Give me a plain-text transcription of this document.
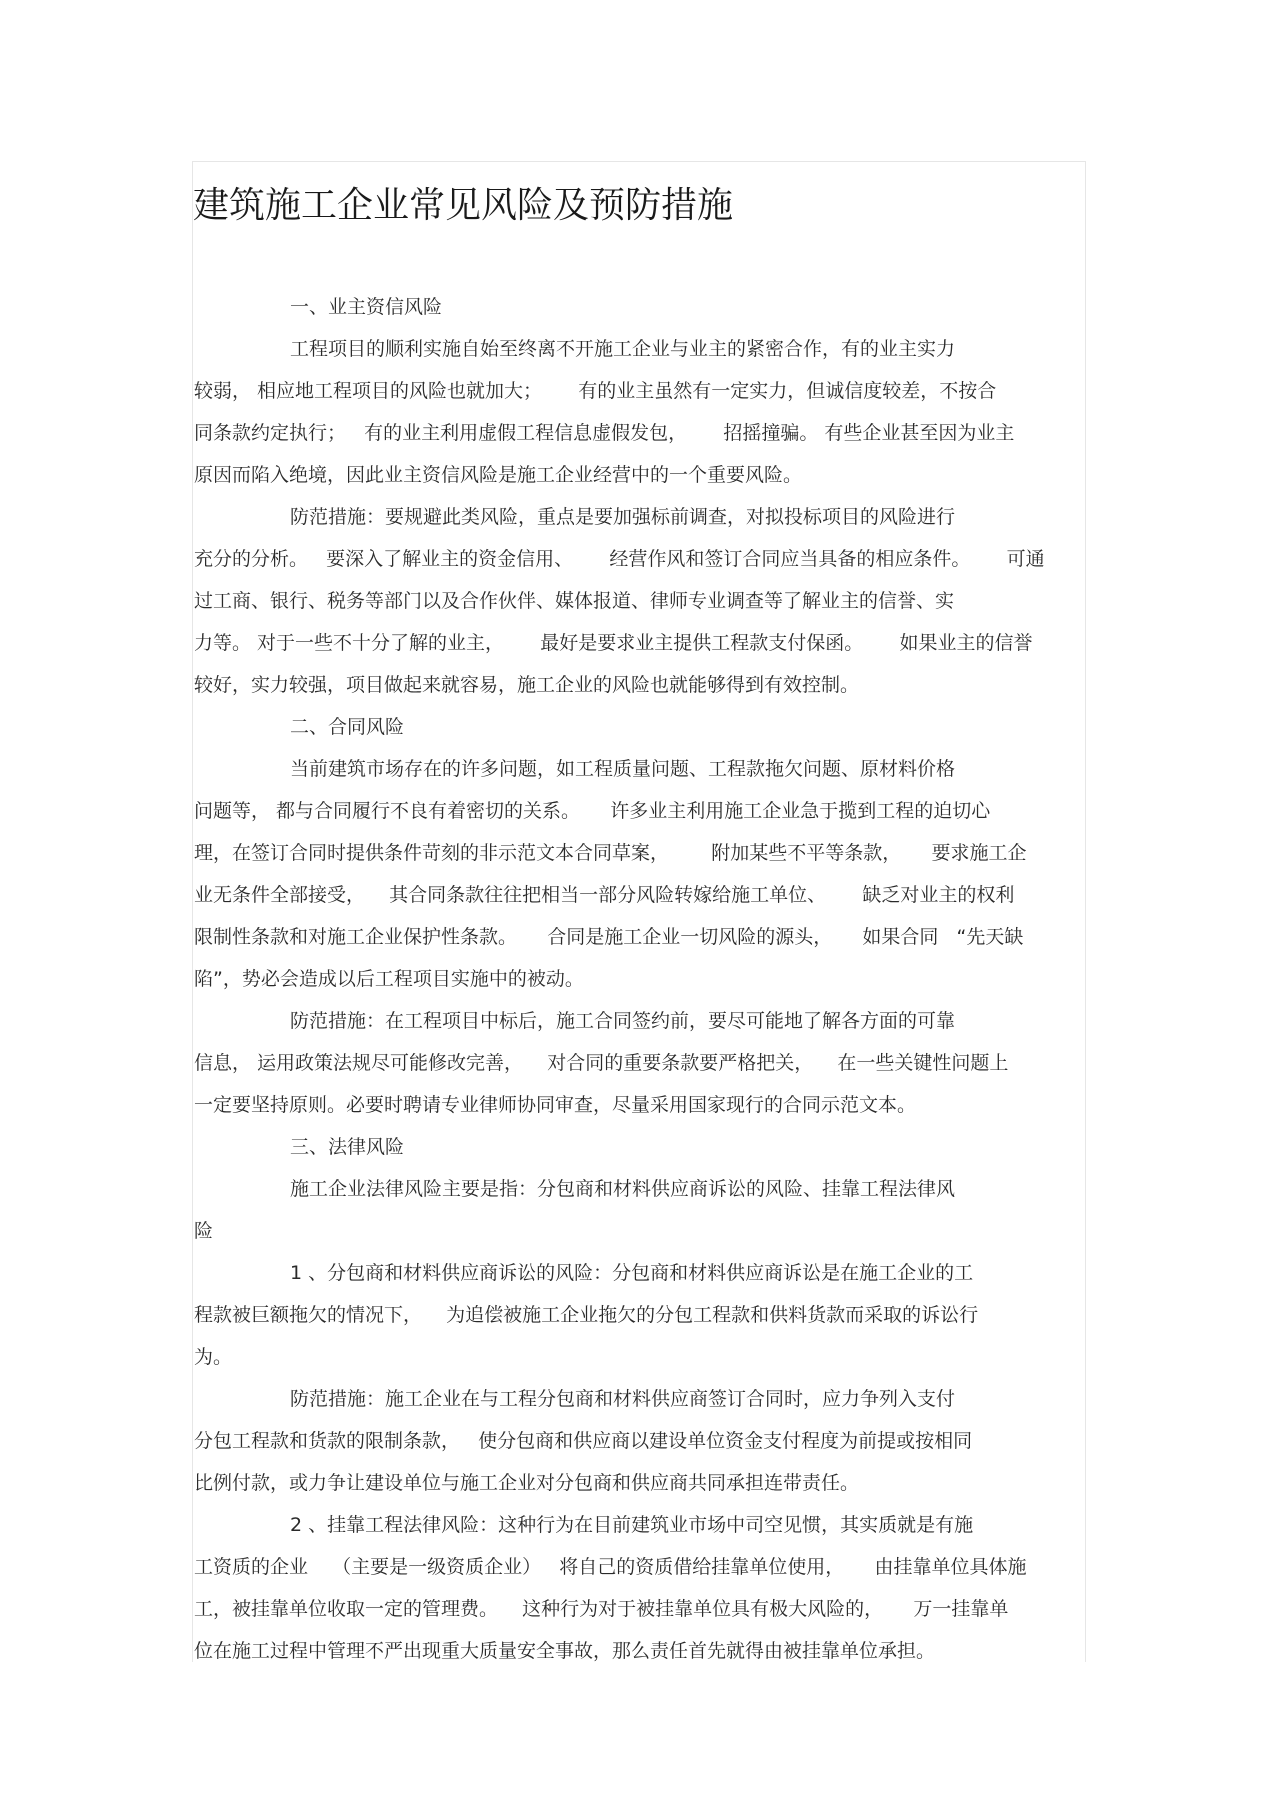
建筑施工企业常见风险及预防措施
一、业主资信风险
工程项目的顺利实施自始至终离不开施工企业与业主的紧密合作，有的业主实力
较弱， 相应地工程项目的风险也就加大；      有的业主虽然有一定实力，但诚信度较差，不按合
同条款约定执行；   有的业主利用虚假工程信息虚假发包，      招摇撞骗。 有些企业甚至因为业主
原因而陷入绝境，因此业主资信风险是施工企业经营中的一个重要风险。
防范措施：要规避此类风险，重点是要加强标前调查，对拟投标项目的风险进行
充分的分析。   要深入了解业主的资金信用、      经营作风和签订合同应当具备的相应条件。      可通
过工商、银行、税务等部门以及合作伙伴、媒体报道、律师专业调查等了解业主的信誉、实
力等。 对于一些不十分了解的业主，      最好是要求业主提供工程款支付保函。      如果业主的信誉
较好，实力较强，项目做起来就容易，施工企业的风险也就能够得到有效控制。
二、合同风险
当前建筑市场存在的许多问题，如工程质量问题、工程款拖欠问题、原材料价格
问题等， 都与合同履行不良有着密切的关系。     许多业主利用施工企业急于揽到工程的迫切心
理，在签订合同时提供条件苛刻的非示范文本合同草案，       附加某些不平等条款，     要求施工企
业无条件全部接受，    其合同条款往往把相当一部分风险转嫁给施工单位、      缺乏对业主的权利
限制性条款和对施工企业保护性条款。     合同是施工企业一切风险的源头，     如果合同   “先天缺
陷”，势必会造成以后工程项目实施中的被动。
防范措施：在工程项目中标后，施工合同签约前，要尽可能地了解各方面的可靠
信息， 运用政策法规尽可能修改完善，    对合同的重要条款要严格把关，    在一些关键性问题上
一定要坚持原则。必要时聘请专业律师协同审查，尽量采用国家现行的合同示范文本。
三、法律风险
施工企业法律风险主要是指：分包商和材料供应商诉讼的风险、挂靠工程法律风
险
1 、分包商和材料供应商诉讼的风险：分包商和材料供应商诉讼是在施工企业的工
程款被巨额拖欠的情况下，    为追偿被施工企业拖欠的分包工程款和供料货款而采取的诉讼行
为。
防范措施：施工企业在与工程分包商和材料供应商签订合同时，应力争列入支付
分包工程款和货款的限制条款，   使分包商和供应商以建设单位资金支付程度为前提或按相同
比例付款，或力争让建设单位与施工企业对分包商和供应商共同承担连带责任。
2 、挂靠工程法律风险：这种行为在目前建筑业市场中司空见惯，其实质就是有施
工资质的企业    （主要是一级资质企业）   将自己的资质借给挂靠单位使用，     由挂靠单位具体施
工，被挂靠单位收取一定的管理费。    这种行为对于被挂靠单位具有极大风险的，     万一挂靠单
位在施工过程中管理不严出现重大质量安全事故，那么责任首先就得由被挂靠单位承担。
